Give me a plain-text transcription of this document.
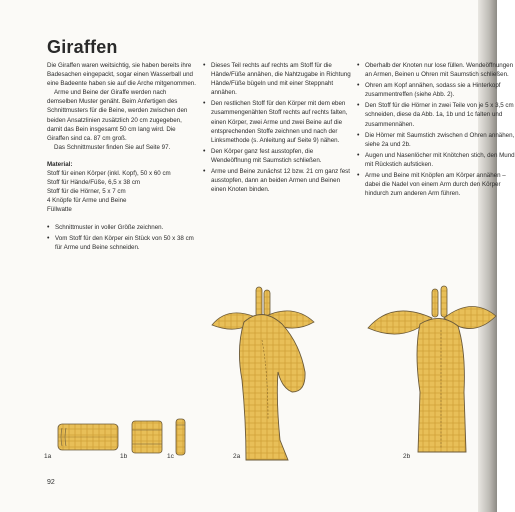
Giraffen

Die Giraffen waren weitsichtig, sie haben bereits ihre Badesachen eingepackt, sogar einen Wasserball und eine Badeente haben sie auf die Arche mitgenommen.

Arme und Beine der Giraffe werden nach demselben Muster genäht. Beim Anfertigen des Schnittmusters für die Beine, werden zwischen den beiden Ansatzlinien zusätzlich 20 cm zugegeben, damit das Bein insgesamt 50 cm lang wird. Die Giraffen sind ca. 87 cm groß.

Das Schnittmuster finden Sie auf Seite 97.

Material:

Stoff für einen Körper (inkl. Kopf), 50 x 60 cm

Stoff für Hände/Füße, 6,5 x 38 cm

Stoff für die Hörner, 5 x 7 cm

4 Knöpfe für Arme und Beine

Füllwatte

• Schnittmuster in voller Größe zeichnen.
• Vom Stoff für den Körper ein Stück von 50 x 38 cm für Arme und Beine schneiden.
• Dieses Teil rechts auf rechts am Stoff für die Hände/Füße annähen, die Nahtzugabe in Richtung Hände/Füße bügeln und mit einer Steppnaht annähen.
• Den restlichen Stoff für den Körper mit dem eben zusammengenähten Stoff rechts auf rechts falten, einen Körper, zwei Arme und zwei Beine auf die entsprechenden Stoffe zeichnen und nach der Linksmethode (s. Anleitung auf Seite 9) nähen.
• Den Körper ganz fest ausstopfen, die Wendeöffnung mit Saumstich schließen.
• Arme und Beine zunächst 12 bzw. 21 cm ganz fest ausstopfen, dann an beiden Armen und Beinen einen Knoten binden.
• Oberhalb der Knoten nur lose füllen. Wendeöffnungen an Armen, Beinen u Ohren mit Saumstich schließen.
• Ohren am Kopf annähen, sodass sie a Hinterkopf zusammentreffen (siehe Abb. 2).
• Den Stoff für die Hörner in zwei Teile von je 5 x 3,5 cm schneiden, diese da Abb. 1a, 1b und 1c falten und zusammennähen.
• Die Hörner mit Saumstich zwischen d Ohren annähen, siehe 2a und 2b.
• Augen und Nasenlöcher mit Knötchen stich, den Mund mit Rückstich aufsticken.
• Arme und Beine mit Knöpfen am Körper annähen – dabei die Nadel von einem Arm durch den Körper hindurch zum anderen Arm führen.
1a	1b	1c	2a	2b
92
